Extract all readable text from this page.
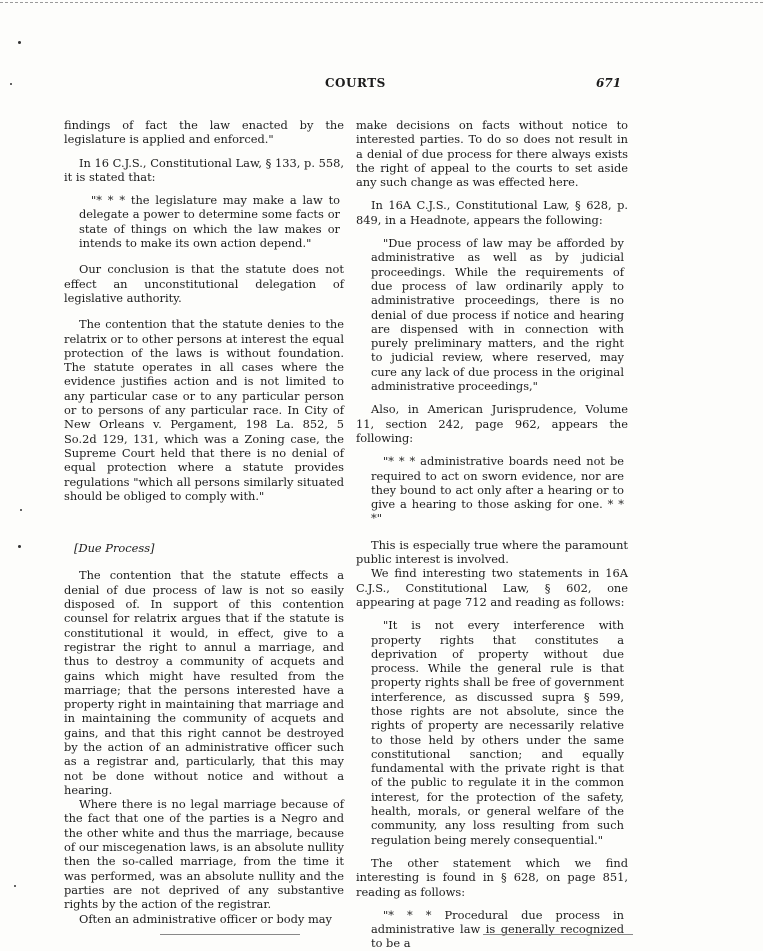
COURTS	671

findings of fact the law enacted by the legislature is applied and enforced."

In 16 C.J.S., Constitutional Law, § 133, p. 558, it is stated that:

"* * * the legislature may make a law to delegate a power to determine some facts or state of things on which the law makes or intends to make its own action depend."

Our conclusion is that the statute does not effect an unconstitutional delegation of legislative authority.

The contention that the statute denies to the relatrix or to other persons at interest the equal protection of the laws is without foundation. The statute operates in all cases where the evidence justifies action and is not limited to any particular case or to any particular person or to persons of any particular race. In City of New Orleans v. Pergament, 198 La. 852, 5 So.2d 129, 131, which was a Zoning case, the Supreme Court held that there is no denial of equal protection where a statute provides regulations "which all persons similarly situated should be obliged to comply with."

[Due Process]

The contention that the statute effects a denial of due process of law is not so easily disposed of. In support of this contention counsel for relatrix argues that if the statute is constitutional it would, in effect, give to a registrar the right to annul a marriage, and thus to destroy a community of acquets and gains which might have resulted from the marriage; that the persons interested have a property right in maintaining that marriage and in maintaining the community of acquets and gains, and that this right cannot be destroyed by the action of an administrative officer such as a registrar and, particularly, that this may not be done without notice and without a hearing.

Where there is no legal marriage because of the fact that one of the parties is a Negro and the other white and thus the marriage, because of our miscegenation laws, is an absolute nullity then the so-called marriage, from the time it was performed, was an absolute nullity and the parties are not deprived of any substantive rights by the action of the registrar.

Often an administrative officer or body may

make decisions on facts without notice to interested parties. To do so does not result in a denial of due process for there always exists the right of appeal to the courts to set aside any such change as was effected here.

In 16A C.J.S., Constitutional Law, § 628, p. 849, in a Headnote, appears the following:

"Due process of law may be afforded by administrative as well as by judicial proceedings. While the requirements of due process of law ordinarily apply to administrative proceedings, there is no denial of due process if notice and hearing are dispensed with in connection with purely preliminary matters, and the right to judicial review, where reserved, may cure any lack of due process in the original administrative proceedings,"

Also, in American Jurisprudence, Volume 11, section 242, page 962, appears the following:

"* * * administrative boards need not be required to act on sworn evidence, nor are they bound to act only after a hearing or to give a hearing to those asking for one. * * *"

This is especially true where the paramount public interest is involved.

We find interesting two statements in 16A C.J.S., Constitutional Law, § 602, one appearing at page 712 and reading as follows:

"It is not every interference with property rights that constitutes a deprivation of property without due process. While the general rule is that property rights shall be free of government interference, as discussed supra § 599, those rights are not absolute, since the rights of property are necessarily relative to those held by others under the same constitutional sanction; and equally fundamental with the private right is that of the public to regulate it in the common interest, for the protection of the safety, health, morals, or general welfare of the community, any loss resulting from such regulation being merely consequential."

The other statement which we find interesting is found in § 628, on page 851, reading as follows:

"* * * Procedural due process in administrative law is generally recognized to be a
